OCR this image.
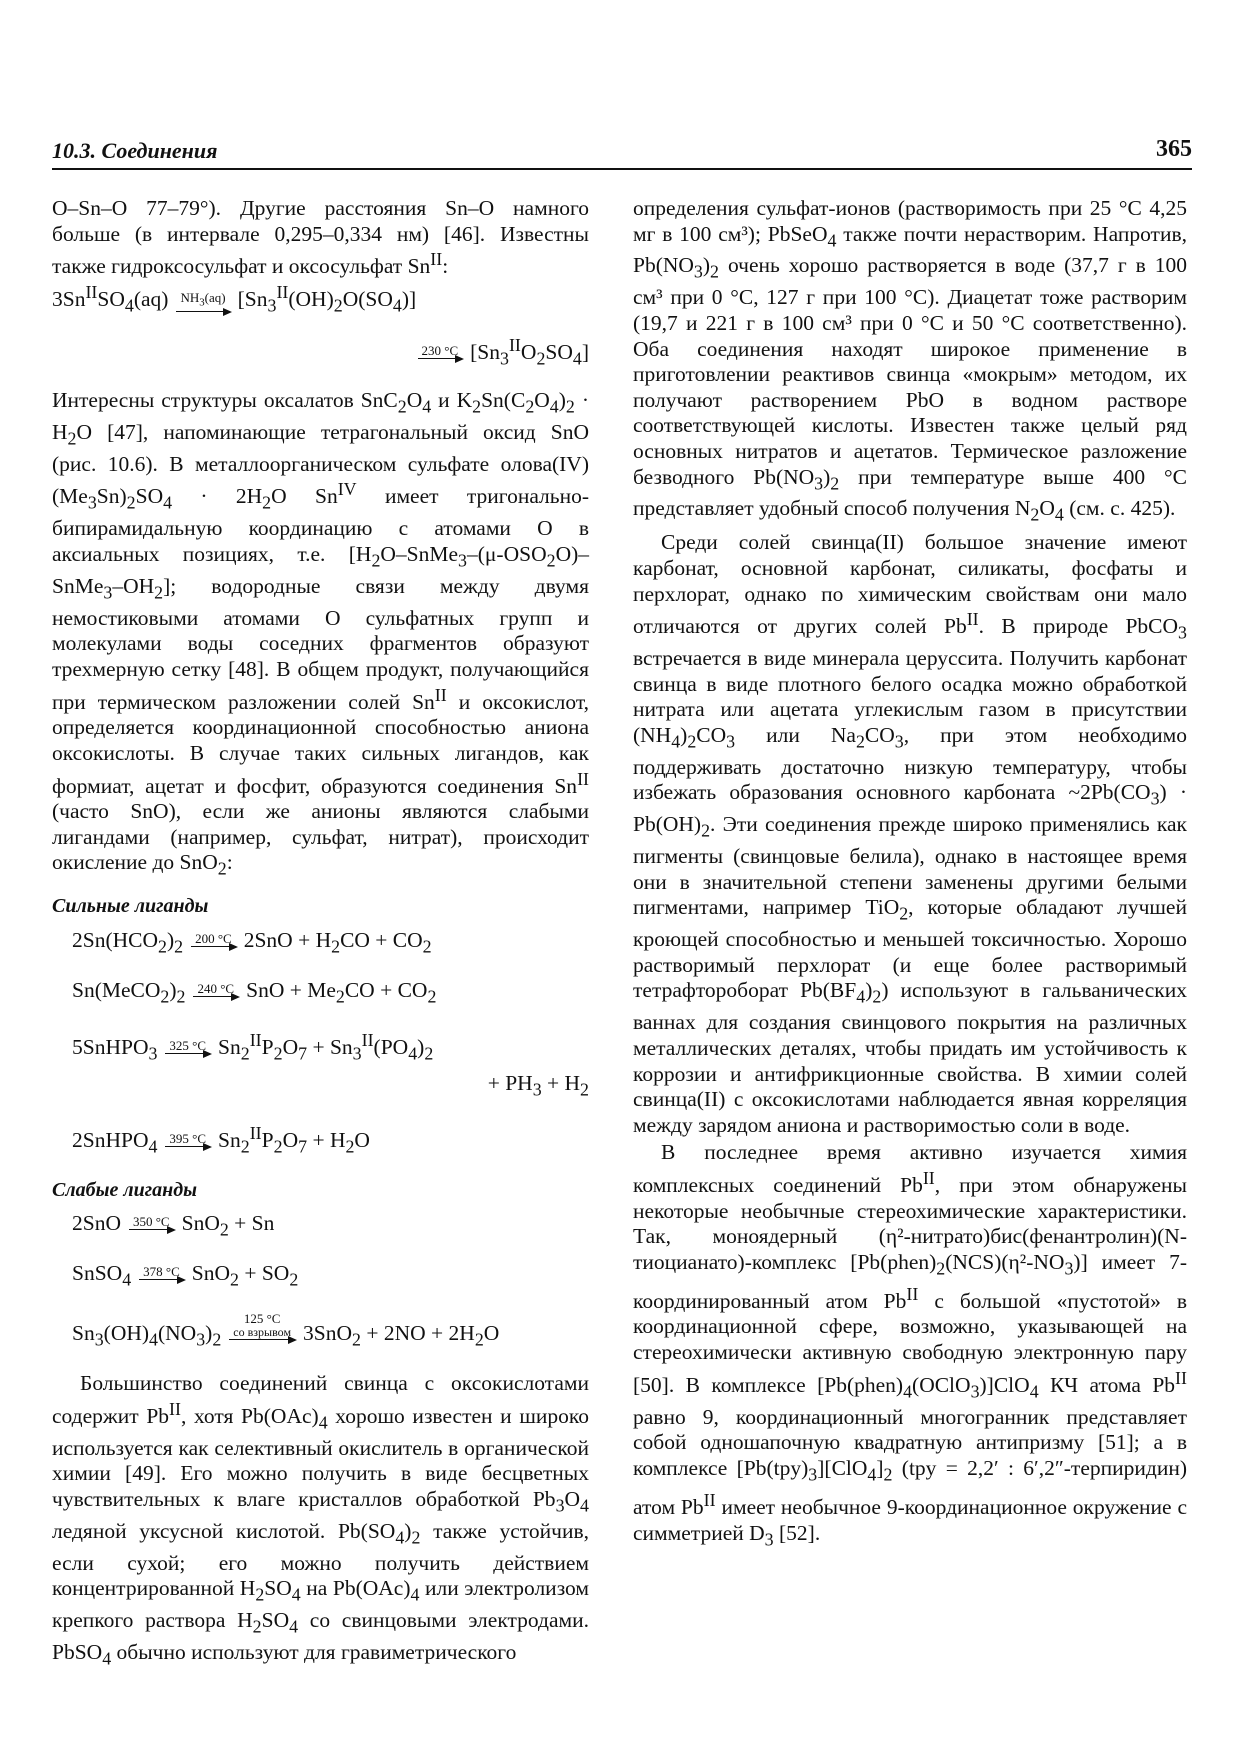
10.3. Соединения	365

O–Sn–O 77–79°). Другие расстояния Sn–O намного больше (в интервале 0,295–0,334 нм) [46]. Известны также гидроксосульфат и оксосульфат $Sn^{II}$:

$3Sn^{II}SO_4(aq)$ $NH_3(aq)$ $[Sn_3^{II}(OH)_2O(SO_4)]$
230 °C $[Sn_3^{II}O_2SO_4]$

Интересны структуры оксалатов $SnC_2O_4$ и $K_2Sn(C_2O_4)_2 \cdot H_2O$ [47], напоминающие тетрагональный оксид SnO (рис. 10.6). В металлоорганическом сульфате олова(IV) $(Me_3Sn)_2SO_4 \cdot 2H_2O$ $Sn^{IV}$ имеет тригонально-бипирамидальную координацию с атомами O в аксиальных позициях, т.е. $[H_2O-SnMe_3-(\mu-OSO_2O)-SnMe_3-OH_2]$; водородные связи между двумя немостиковыми атомами O сульфатных групп и молекулами воды соседних фрагментов образуют трехмерную сетку [48]. В общем продукт, получающийся при термическом разложении солей $Sn^{II}$ и оксокислот, определяется координационной способностью аниона оксокислоты. В случае таких сильных лигандов, как формиат, ацетат и фосфит, образуются соединения $Sn^{II}$ (часто SnO), если же анионы являются слабыми лигандами (например, сульфат, нитрат), происходит окисление до SnO$_2$:

Сильные лиганды
$2Sn(HCO_2)_2$ 200 °C $2SnO + H_2CO + CO_2$
$Sn(MeCO_2)_2$ 240 °C SnO + $Me_2CO + CO_2$
5SnHPO$_3$ 325 °C $Sn_2^{II}P_2O_7 + Sn_3^{II}(PO_4)_2$
+ $PH_3 + H_2$
2SnHPO$_4$ 395 °C $Sn_2^{II}P_2O_7 + H_2O$
Слабые лиганды
2SnO 350 °C SnO$_2$ + Sn
SnSO$_4$ 378 °C $SnO_2 + SO_2$
$Sn_3(OH)_4(NO_3)_2125$ °C
со взрывом $3SnO_2 + 2NO + 2H_2O$

Большинство соединений свинца с оксокислотами содержит $Pb^{II}$, хотя $Pb(OAc)_4$ хорошо известен и широко используется как селективный окислитель в органической химии [49]. Его можно получить в виде бесцветных чувствительных к влаге кристаллов обработкой $Pb_3O_4$ ледяной уксусной кислотой. $Pb(SO_4)_2$ также устойчив, если сухой; его можно получить действием концентрированной $H_2SO_4$ на $Pb(OAc)_4$ или электролизом крепкого раствора $H_2SO_4$ со свинцовыми электродами. PbSO$_4$ обычно используют для гравиметрического

определения сульфат-ионов (растворимость при 25 °C 4,25 мг в 100 см³); PbSeO$_4$ также почти нерастворим. Напротив, $Pb(NO_3)_2$ очень хорошо растворяется в воде (37,7 г в 100 см³ при 0 °C, 127 г при 100 °C). Диацетат тоже растворим (19,7 и 221 г в 100 см³ при 0 °C и 50 °C соответственно). Оба соединения находят широкое применение в приготовлении реактивов свинца «мокрым» методом, их получают растворением PbO в водном растворе соответствующей кислоты. Известен также целый ряд основных нитратов и ацетатов. Термическое разложение безводного $Pb(NO_3)_2$ при температуре выше 400 °C представляет удобный способ получения $N_2O_4$ (см. с. 425).

Среди солей свинца(II) большое значение имеют карбонат, основной карбонат, силикаты, фосфаты и перхлорат, однако по химическим свойствам они мало отличаются от других солей $Pb^{II}$. В природе PbCO$_3$ встречается в виде минерала церуссита. Получить карбонат свинца в виде плотного белого осадка можно обработкой нитрата или ацетата углекислым газом в присутствии $(NH_4)_2CO_3$ или $Na_2CO_3$, при этом необходимо поддерживать достаточно низкую температуру, чтобы избежать образования основного карбоната $\sim 2Pb(CO_3) \cdot Pb(OH)_2$. Эти соединения прежде широко применялись как пигменты (свинцовые белила), однако в настоящее время они в значительной степени заменены другими белыми пигментами, например TiO$_2$, которые обладают лучшей кроющей способностью и меньшей токсичностью. Хорошо растворимый перхлорат (и еще более растворимый тетрафтороборат $Pb(BF_4)_2$) используют в гальванических ваннах для создания свинцового покрытия на различных металлических деталях, чтобы придать им устойчивость к коррозии и антифрикционные свойства. В химии солей свинца(II) с оксокислотами наблюдается явная корреляция между зарядом аниона и растворимостью соли в воде.

В последнее время активно изучается химия комплексных соединений $Pb^{II}$, при этом обнаружены некоторые необычные стереохимические характеристики. Так, моноядерный (η²-нитрато)бис(фенантролин)(N-тиоцианато)-комплекс $[Pb(phen)_2(NCS)(\eta^2-NO_3)]$ имеет 7-координированный атом $Pb^{II}$ с большой «пустотой» в координационной сфере, возможно, указывающей на стереохимически активную свободную электронную пару [50]. В комплексе $[Pb(phen)_4(OClO_3)]ClO_4$ КЧ атома $Pb^{II}$ равно 9, координационный многогранник представляет собой одношапочную квадратную антипризму [51]; а в комплексе $[Pb(tpy)_3][ClO_4]_2$ (tpy = 2,2′ : 6′,2″-терпиридин) атом $Pb^{II}$ имеет необычное 9-координационное окружение с симметрией $D_3$ [52].
